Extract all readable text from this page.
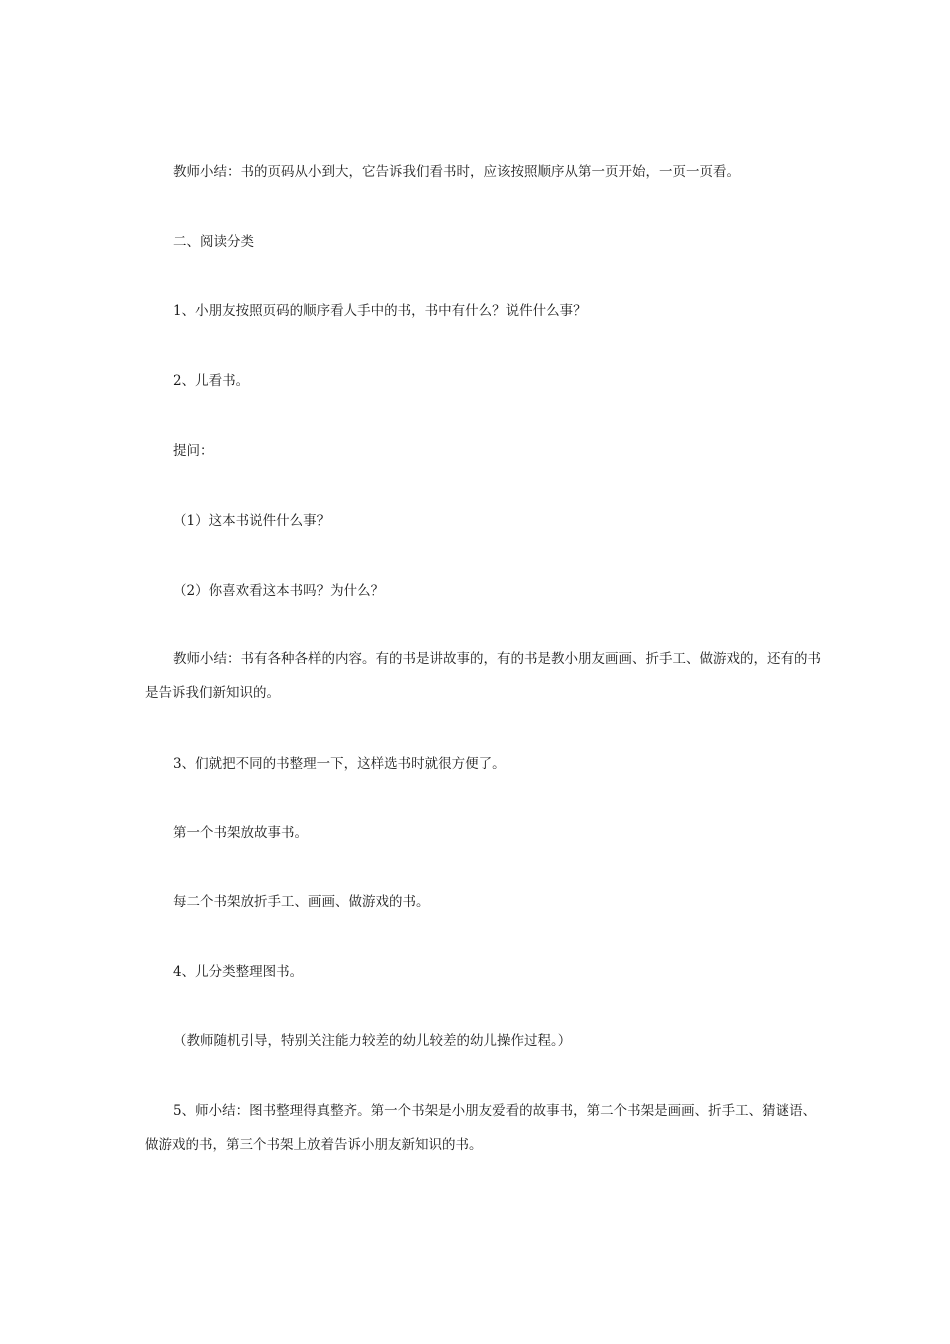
教师小结：书的页码从小到大，它告诉我们看书时，应该按照顺序从第一页开始，一页一页看。

二、阅读分类

1、小朋友按照页码的顺序看人手中的书，书中有什么？说件什么事？

2、儿看书。

提问：

（1）这本书说件什么事？

（2）你喜欢看这本书吗？为什么？

教师小结：书有各种各样的内容。有的书是讲故事的，有的书是教小朋友画画、折手工、做游戏的，还有的书是告诉我们新知识的。

3、们就把不同的书整理一下，这样选书时就很方便了。

第一个书架放故事书。

每二个书架放折手工、画画、做游戏的书。

4、儿分类整理图书。

（教师随机引导，特别关注能力较差的幼儿较差的幼儿操作过程。）

5、师小结：图书整理得真整齐。第一个书架是小朋友爱看的故事书，第二个书架是画画、折手工、猜谜语、做游戏的书，第三个书架上放着告诉小朋友新知识的书。
